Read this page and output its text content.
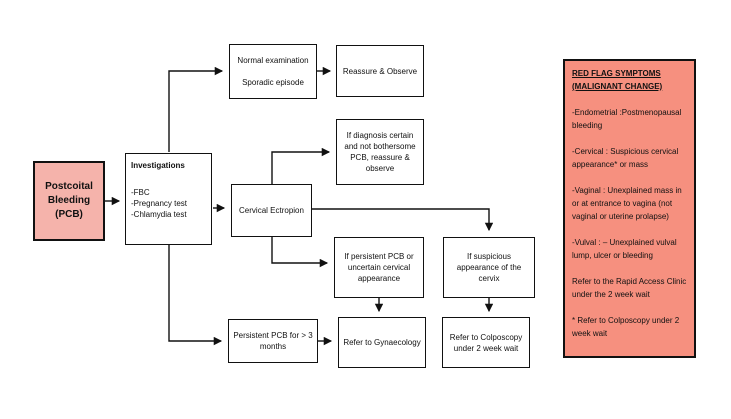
Postcoital Bleeding (PCB)
Investigations
-FBC
-Pregnancy test
-Chlamydia test
Normal examination
Sporadic episode
Reassure & Observe
If diagnosis certain and not bothersome PCB, reassure & observe
Cervical Ectropion
If persistent PCB or uncertain cervical appearance
If suspicious appearance of the cervix
Persistent PCB for > 3 months	Refer to Gynaecology
Refer to Colposcopy under 2 week wait
RED FLAG SYMPTOMS
(MALIGNANT CHANGE)
-Endometrial :Postmenopausal bleeding
-Cervical : Suspicious cervical appearance* or mass
-Vaginal : Unexplained mass in or at entrance to vagina (not vaginal or uterine prolapse)
-Vulval : – Unexplained vulval lump, ulcer or bleeding
Refer to the Rapid Access Clinic under the 2 week wait
* Refer to Colposcopy under 2 week wait
